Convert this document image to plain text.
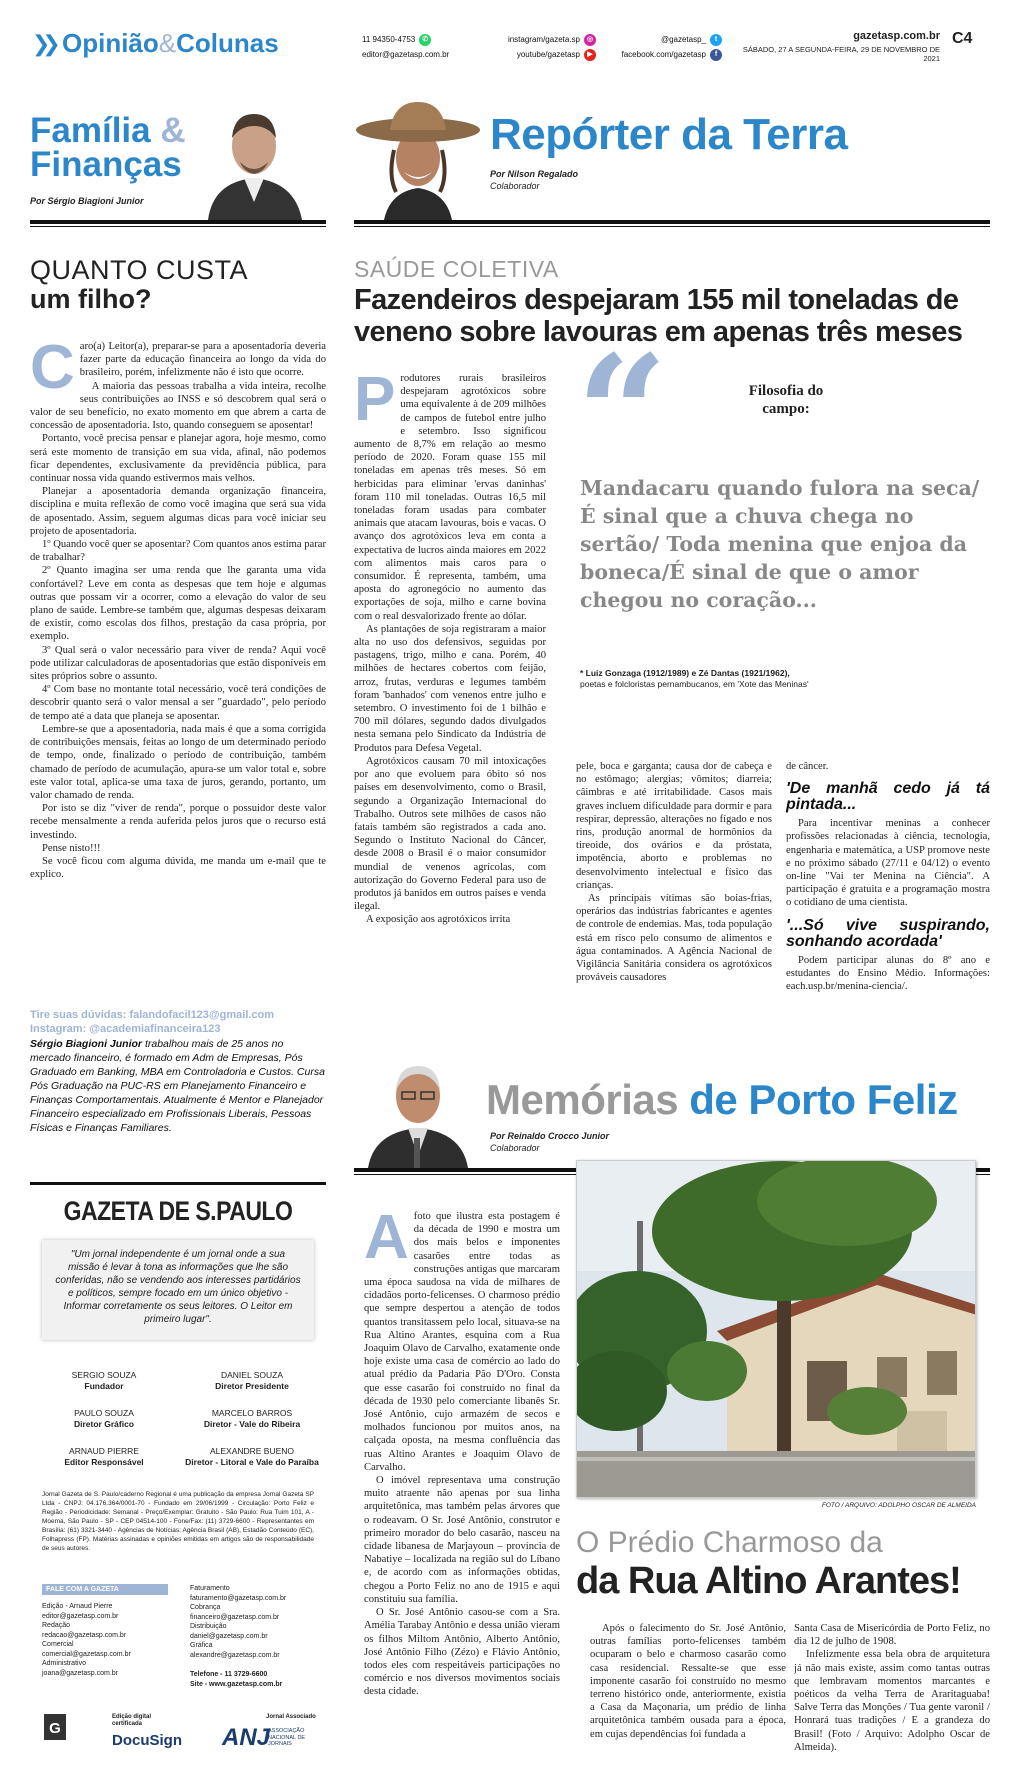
❯❯ Opinião&Colunas	11 94350-4753 ✆
editor@gazetasp.com.br
instagram/gazeta.sp ◎
youtube/gazetasp ▶
@gazetasp_ t
facebook.com/gazetasp f
gazetasp.com.br
SÁBADO, 27 A SEGUNDA-FEIRA, 29 DE NOVEMBRO DE 2021
C4
Família &
Finanças
Por Sérgio Biagioni Junior
QUANTO CUSTA
um filho?

Caro(a) Leitor(a), preparar-se para a aposentadoria deveria fazer parte da educação financeira ao longo da vida do brasileiro, porém, infelizmente não é isto que ocorre.

A maioria das pessoas trabalha a vida inteira, recolhe seus contribuições ao INSS e só descobrem qual será o valor de seu benefício, no exato momento em que abrem a carta de concessão de aposentadoria. Isto, quando conseguem se aposentar!

Portanto, você precisa pensar e planejar agora, hoje mesmo, como será este momento de transição em sua vida, afinal, não podemos ficar dependentes, exclusivamente da previdência pública, para continuar nossa vida quando estivermos mais velhos.

Planejar a aposentadoria demanda organização financeira, disciplina e muita reflexão de como você imagina que será sua vida de aposentado. Assim, seguem algumas dicas para você iniciar seu projeto de aposentadoria.

1º Quando você quer se aposentar? Com quantos anos estima parar de trabalhar?

2º Quanto imagina ser uma renda que lhe garanta uma vida confortável? Leve em conta as despesas que tem hoje e algumas outras que possam vir a ocorrer, como a elevação do valor de seu plano de saúde. Lembre-se também que, algumas despesas deixaram de existir, como escolas dos filhos, prestação da casa própria, por exemplo.

3º Qual será o valor necessário para viver de renda? Aqui você pode utilizar calculadoras de aposentadorias que estão disponíveis em sites próprios sobre o assunto.

4º Com base no montante total necessário, você terá condições de descobrir quanto será o valor mensal a ser "guardado", pelo período de tempo até a data que planeja se aposentar.

Lembre-se que a aposentadoria, nada mais é que a soma corrigida de contribuições mensais, feitas ao longo de um determinado período de tempo, onde, finalizado o período de contribuição, também chamado de período de acumulação, apura-se um valor total e, sobre este valor total, aplica-se uma taxa de juros, gerando, portanto, um valor chamado de renda.

Por isto se diz "viver de renda", porque o possuidor deste valor recebe mensalmente a renda auferida pelos juros que o recurso está investindo.

Pense nisto!!!

Se você ficou com alguma dúvida, me manda um e-mail que te explico.

Tire suas dúvidas: falandofacil123@gmail.com
Instagram: @academiafinanceira123
Sérgio Biagioni Junior trabalhou mais de 25 anos no mercado financeiro, é formado em Adm de Empresas, Pós Graduado em Banking, MBA em Controladoria e Custos. Cursa Pós Graduação na PUC-RS em Planejamento Financeiro e Finanças Comportamentais. Atualmente é Mentor e Planejador Financeiro especializado em Profissionais Liberais, Pessoas Físicas e Finanças Familiares.
GAZETA DE S.PAULO
"Um jornal independente é um jornal onde a sua missão é levar à tona as informações que lhe são conferidas, não se vendendo aos interesses partidários e políticos, sempre focado em um único objetivo - Informar corretamente os seus leitores. O Leitor em primeiro lugar".
SERGIO SOUZA
Fundador
DANIEL SOUZA
Diretor Presidente
PAULO SOUZA
Diretor Gráfico
MARCELO BARROS
Diretor - Vale do Ribeira
ARNAUD PIERRE
Editor Responsável
ALEXANDRE BUENO
Diretor - Litoral e Vale do Paraíba
Jornal Gazeta de S. Paulo/caderno Regional é uma publicação da empresa Jornal Gazeta SP Ltda - CNPJ: 04.176.364/0001-70 - Fundado em 29/06/1999 - Circulação: Porto Feliz e Região - Periodicidade: Semanal - Preço/Exemplar: Gratuito - São Paulo: Rua Tuim 101, A - Moema, São Paulo - SP - CEP 04514-100 - Fone/Fax: (11) 3729-6600 - Representantes em Brasília: (61) 3321-3440 - Agências de Notícias: Agência Brasil (AB), Estadão Conteúdo (EC), Folhapress (FP). Matérias assinadas e opiniões emitidas em artigos são de responsabilidade de seus autores.
FALE COM A GAZETA
Edição - Arnaud Pierre
editor@gazetasp.com.br
Redação
redacao@gazetasp.com.br
Comercial
comercial@gazetasp.com.br
Administrativo
joana@gazetasp.com.br
Faturamento
faturamento@gazetasp.com.br
Cobrança
financeiro@gazetasp.com.br
Distribuição
daniel@gazetasp.com.br
Gráfica
alexandre@gazetasp.com.br
Telefone - 11 3729-6600
Site - www.gazetasp.com.br
G
Edição digital certificada
DocuSign
Jornal Associado
ANJ
ASSOCIAÇÃO NACIONAL DE JORNAIS
Repórter da Terra
Por Nilson Regalado
Colaborador
SAÚDE COLETIVA
Fazendeiros despejaram 155 mil toneladas de veneno sobre lavouras em apenas três meses

Produtores rurais brasileiros despejaram agrotóxicos sobre uma equivalente à de 209 milhões de campos de futebol entre julho e setembro. Isso significou aumento de 8,7% em relação ao mesmo período de 2020. Foram quase 155 mil toneladas em apenas três meses. Só em herbicidas para eliminar 'ervas daninhas' foram 110 mil toneladas. Outras 16,5 mil toneladas foram usadas para combater animais que atacam lavouras, bois e vacas. O avanço dos agrotóxicos leva em conta a expectativa de lucros ainda maiores em 2022 com alimentos mais caros para o consumidor. É representa, também, uma aposta do agronegócio no aumento das exportações de soja, milho e carne bovina com o real desvalorizado frente ao dólar.

As plantações de soja registraram a maior alta no uso dos defensivos, seguidas por pastagens, trigo, milho e cana. Porém, 40 milhões de hectares cobertos com feijão, arroz, frutas, verduras e legumes também foram 'banhados' com venenos entre julho e setembro. O investimento foi de 1 bilhão e 700 mil dólares, segundo dados divulgados nesta semana pelo Sindicato da Indústria de Produtos para Defesa Vegetal.

Agrotóxicos causam 70 mil intoxicações por ano que evoluem para óbito só nos países em desenvolvimento, como o Brasil, segundo a Organização Internacional do Trabalho. Outros sete milhões de casos não fatais também são registrados a cada ano. Segundo o Instituto Nacional do Câncer, desde 2008 o Brasil é o maior consumidor mundial de venenos agrícolas, com autorização do Governo Federal para uso de produtos já banidos em outros países e venda ilegal.

A exposição aos agrotóxicos irrita

“	Filosofia do campo:
Mandacaru quando fulora na seca/É sinal que a chuva chega no sertão/ Toda menina que enjoa da boneca/É sinal de que o amor chegou no coração...
* Luiz Gonzaga (1912/1989) e Zé Dantas (1921/1962),
poetas e folcloristas pernambucanos, em 'Xote das Meninas'

pele, boca e garganta; causa dor de cabeça e no estômago; alergias; vômitos; diarreia; câimbras e até irritabilidade. Casos mais graves incluem dificuldade para dormir e para respirar, depressão, alterações no fígado e nos rins, produção anormal de hormônios da tireoide, dos ovários e da próstata, impotência, aborto e problemas no desenvolvimento intelectual e físico das crianças.

As principais vítimas são boias-frias, operários das indústrias fabricantes e agentes de controle de endemias. Mas, toda população está em risco pelo consumo de alimentos e água contaminados. A Agência Nacional de Vigilância Sanitária considera os agrotóxicos prováveis causadores

de câncer.

'De manhã cedo já tá pintada...

Para incentivar meninas a conhecer profissões relacionadas à ciência, tecnologia, engenharia e matemática, a USP promove neste e no próximo sábado (27/11 e 04/12) o evento on-line "Vai ter Menina na Ciência". A participação é gratuita e a programação mostra o cotidiano de uma cientista.

'...Só vive suspirando, sonhando acordada'

Podem participar alunas do 8º ano e estudantes do Ensino Médio. Informações: each.usp.br/menina-ciencia/.

Memórias de Porto Feliz
Por Reinaldo Crocco Junior
Colaborador

Afoto que ilustra esta postagem é da década de 1990 e mostra um dos mais belos e imponentes casarões entre todas as construções antigas que marcaram uma época saudosa na vida de milhares de cidadãos porto-felicenses. O charmoso prédio que sempre despertou a atenção de todos quantos transitassem pelo local, situava-se na Rua Altino Arantes, esquina com a Rua Joaquim Olavo de Carvalho, exatamente onde hoje existe uma casa de comércio ao lado do atual prédio da Padaria Pão D'Oro. Consta que esse casarão foi construído no final da década de 1930 pelo comerciante libanês Sr. José Antônio, cujo armazém de secos e molhados funcionou por muitos anos, na calçada oposta, na mesma confluência das ruas Altino Arantes e Joaquim Olavo de Carvalho.

O imóvel representava uma construção muito atraente não apenas por sua linha arquitetônica, mas também pelas árvores que o rodeavam. O Sr. José Antônio, construtor e primeiro morador do belo casarão, nasceu na cidade libanesa de Marjayoun – província de Nabatiye – localizada na região sul do Líbano e, de acordo com as informações obtidas, chegou a Porto Feliz no ano de 1915 e aqui constituiu sua família.

O Sr. José Antônio casou-se com a Sra. Amélia Tarabay Antônio e dessa união vieram os filhos Miltom Antônio, Alberto Antônio, José Antônio Filho (Zézo) e Flávio Antônio, todos eles com respeitáveis participações no comércio e nos diversos movimentos sociais desta cidade.

FOTO / ARQUIVO: ADOLPHO OSCAR DE ALMEIDA
O Prédio Charmoso da
da Rua Altino Arantes!

Após o falecimento do Sr. José Antônio, outras famílias porto-felicenses também ocuparam o belo e charmoso casarão como casa residencial. Ressalte-se que esse imponente casarão foi construído no mesmo terreno histórico onde, anteriormente, existia a Casa da Maçonaria, um prédio de linha arquitetônica também ousada para a época, em cujas dependências foi fundada a

Santa Casa de Misericórdia de Porto Feliz, no dia 12 de julho de 1908.

Infelizmente essa bela obra de arquitetura já não mais existe, assim como tantas outras que lembravam momentos marcantes e poéticos da velha Terra de Araritaguaba! Salve Terra das Monções / Tua gente varonil / Honrará tuas tradições / E a grandeza do Brasil! (Foto / Arquivo: Adolpho Oscar de Almeida).
